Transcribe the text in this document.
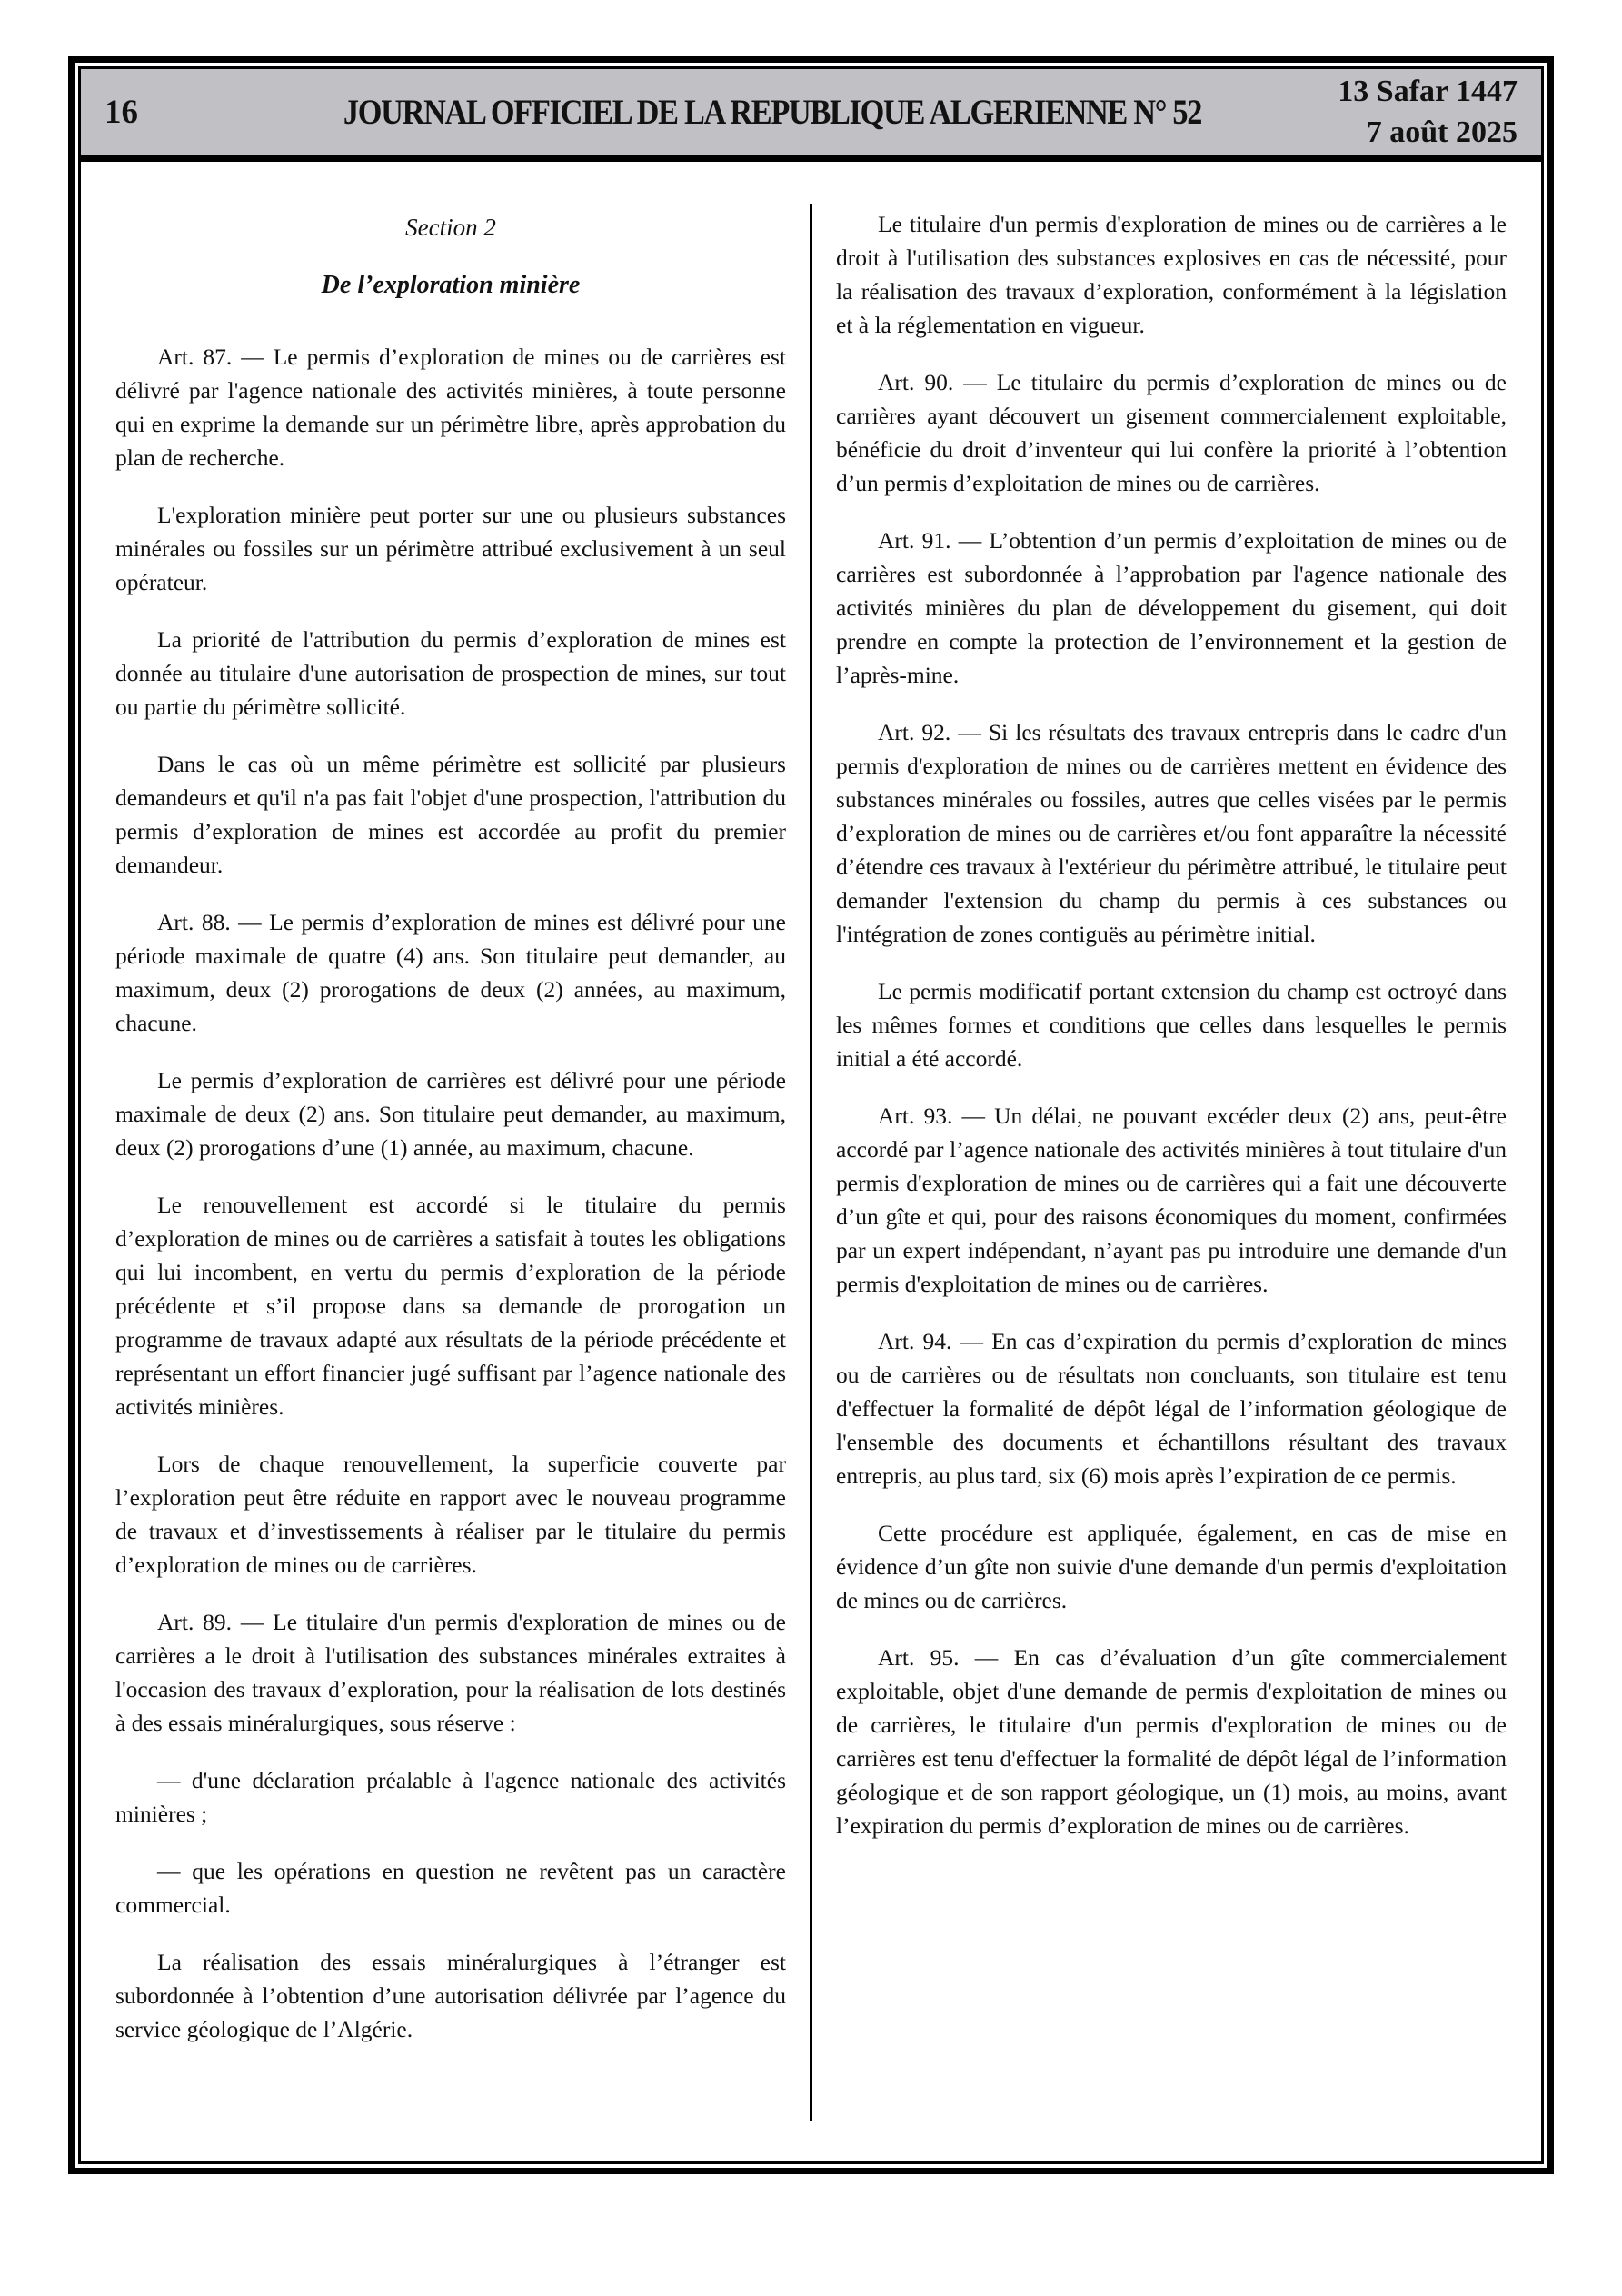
16	JOURNAL OFFICIEL DE LA REPUBLIQUE ALGERIENNE N° 52
13 Safar 1447
7 août 2025

Section 2

De l’exploration minière

Art. 87. — Le permis d’exploration de mines ou de carrières est délivré par l'agence nationale des activités minières, à toute personne qui en exprime la demande sur un périmètre libre, après approbation du plan de recherche.

L'exploration minière peut porter sur une ou plusieurs substances minérales ou fossiles sur un périmètre attribué exclusivement à un seul opérateur.

La priorité de l'attribution du permis d’exploration de mines est donnée au titulaire d'une autorisation de prospection de mines, sur tout ou partie du périmètre sollicité.

Dans le cas où un même périmètre est sollicité par plusieurs demandeurs et qu'il n'a pas fait l'objet d'une prospection, l'attribution du permis d’exploration de mines est accordée au profit du premier demandeur.

Art. 88. — Le permis d’exploration de mines est délivré pour une période maximale de quatre (4) ans. Son titulaire peut demander, au maximum, deux (2) prorogations de deux (2) années, au maximum, chacune.

Le permis d’exploration de carrières est délivré pour une période maximale de deux (2) ans. Son titulaire peut demander, au maximum, deux (2) prorogations d’une (1) année, au maximum, chacune.

Le renouvellement est accordé si le titulaire du permis d’exploration de mines ou de carrières a satisfait à toutes les obligations qui lui incombent, en vertu du permis d’exploration de la période précédente et s’il propose dans sa demande de prorogation un programme de travaux adapté aux résultats de la période précédente et représentant un effort financier jugé suffisant par l’agence nationale des activités minières.

Lors de chaque renouvellement, la superficie couverte par l’exploration peut être réduite en rapport avec le nouveau programme de travaux et d’investissements à réaliser par le titulaire du permis d’exploration de mines ou de carrières.

Art. 89. — Le titulaire d'un permis d'exploration de mines ou de carrières a le droit à l'utilisation des substances minérales extraites à l'occasion des travaux d’exploration, pour la réalisation de lots destinés à des essais minéralurgiques, sous réserve :

— d'une déclaration préalable à l'agence nationale des activités minières ;

— que les opérations en question ne revêtent pas un caractère commercial.

La réalisation des essais minéralurgiques à l’étranger est subordonnée à l’obtention d’une autorisation délivrée par l’agence du service géologique de l’Algérie.

Le titulaire d'un permis d'exploration de mines ou de carrières a le droit à l'utilisation des substances explosives en cas de nécessité, pour la réalisation des travaux d’exploration, conformément à la législation et à la réglementation en vigueur.

Art. 90. — Le titulaire du permis d’exploration de mines ou de carrières ayant découvert un gisement commercialement exploitable, bénéficie du droit d’inventeur qui lui confère la priorité à l’obtention d’un permis d’exploitation de mines ou de carrières.

Art. 91. — L’obtention d’un permis d’exploitation de mines ou de carrières est subordonnée à l’approbation par l'agence nationale des activités minières du plan de développement du gisement, qui doit prendre en compte la protection de l’environnement et la gestion de l’après-mine.

Art. 92. — Si les résultats des travaux entrepris dans le cadre d'un permis d'exploration de mines ou de carrières mettent en évidence des substances minérales ou fossiles, autres que celles visées par le permis d’exploration de mines ou de carrières et/ou font apparaître la nécessité d’étendre ces travaux à l'extérieur du périmètre attribué, le titulaire peut demander l'extension du champ du permis à ces substances ou l'intégration de zones contiguës au périmètre initial.

Le permis modificatif portant extension du champ est octroyé dans les mêmes formes et conditions que celles dans lesquelles le permis initial a été accordé.

Art. 93. — Un délai, ne pouvant excéder deux (2) ans, peut-être accordé par l’agence nationale des activités minières à tout titulaire d'un permis d'exploration de mines ou de carrières qui a fait une découverte d’un gîte et qui, pour des raisons économiques du moment, confirmées par un expert indépendant, n’ayant pas pu introduire une demande d'un permis d'exploitation de mines ou de carrières.

Art. 94. — En cas d’expiration du permis d’exploration de mines ou de carrières ou de résultats non concluants, son titulaire est tenu d'effectuer la formalité de dépôt légal de l’information géologique de l'ensemble des documents et échantillons résultant des travaux entrepris, au plus tard, six (6) mois après l’expiration de ce permis.

Cette procédure est appliquée, également, en cas de mise en évidence d’un gîte non suivie d'une demande d'un permis d'exploitation de mines ou de carrières.

Art. 95. — En cas d’évaluation d’un gîte commercialement exploitable, objet d'une demande de permis d'exploitation de mines ou de carrières, le titulaire d'un permis d'exploration de mines ou de carrières est tenu d'effectuer la formalité de dépôt légal de l’information géologique et de son rapport géologique, un (1) mois, au moins, avant l’expiration du permis d’exploration de mines ou de carrières.
